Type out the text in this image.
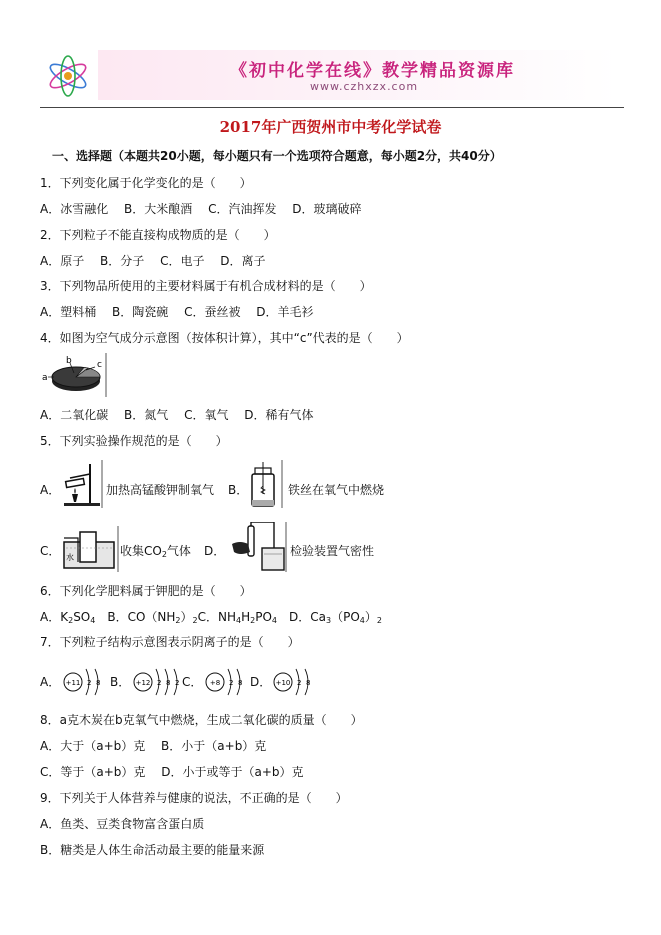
《初中化学在线》教学精品资源库
www.czhxzx.com
2017年广西贺州市中考化学试卷
一、选择题（本题共20小题，每小题只有一个选项符合题意，每小题2分，共40分）
1．下列变化属于化学变化的是（　　）
A．冰雪融化　 B．大米酿酒　 C．汽油挥发　 D．玻璃破碎
2．下列粒子不能直接构成物质的是（　　）
A．原子　 B．分子　 C．电子　 D．离子
3．下列物品所使用的主要材料属于有机合成材料的是（　　）
A．塑料桶　 B．陶瓷碗　 C．蚕丝被　 D．羊毛衫
4．如图为空气成分示意图（按体积计算），其中“c”代表的是（　　）
a
b	c
A．二氧化碳　 B．氮气　 C．氧气　 D．稀有气体
5．下列实验操作规范的是（　　）
A．	加热高锰酸钾制氧气 B．	铁丝在氧气中燃烧
C． 水	收集$CO_2$气体 D．	检验装置气密性
6．下列化学肥料属于钾肥的是（　　）
A．$K_2SO_4$  B．$CO(NH_2)_2C$．$NH_4H_2PO_4$  D．$Ca_3(PO_4)_2$
7．下列粒子结构示意图表示阴离子的是（　　）
A． +11 2 8 B． +12 2 8 2 C． +8 2 8 D． +10 2 8
8．a克木炭在b克氧气中燃烧，生成二氧化碳的质量（　　）
A．大于（a+b）克　 B．小于（a+b）克
C．等于（a+b）克　 D．小于或等于（a+b）克
9．下列关于人体营养与健康的说法，不正确的是（　　）
A．鱼类、豆类食物富含蛋白质
B．糖类是人体生命活动最主要的能量来源
